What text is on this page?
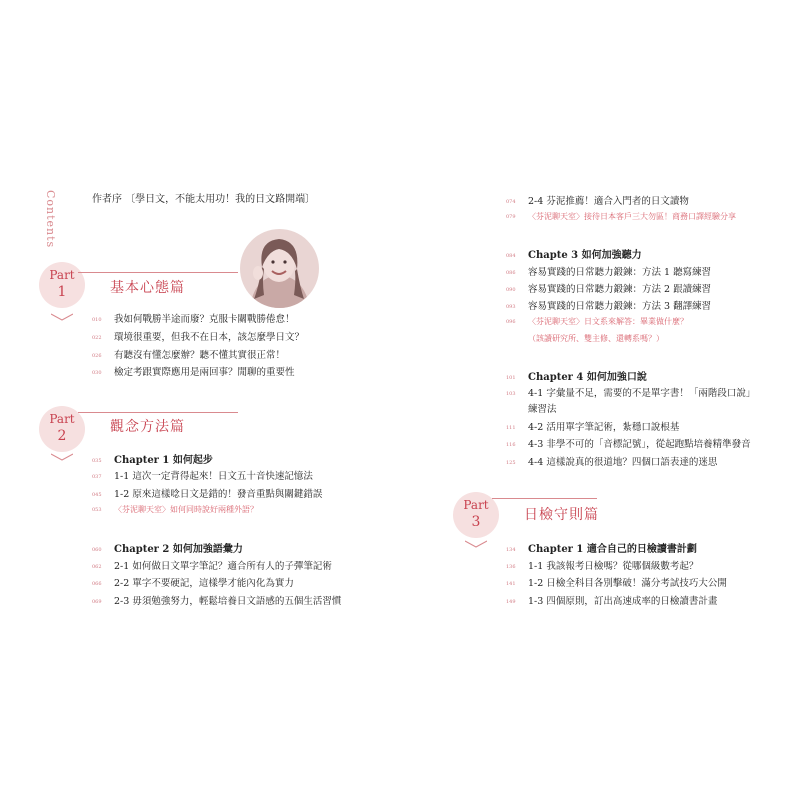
Contents	作者序 〔學日文，不能太用功！我的日文路開端〕
Part
1	基本心態篇
010 我如何戰勝半途而廢？克服卡關戰勝倦怠！
022 環境很重要，但我不在日本，該怎麼學日文？
026 有聽沒有懂怎麼辦？聽不懂其實很正常！
030 檢定考跟實際應用是兩回事？閒聊的重要性
Part
2
觀念方法篇
035 Chapter 1 如何起步
037 1-1 這次一定背得起來！日文五十音快速記憶法
045 1-2 原來這樣唸日文是錯的！發音重點與關鍵錯誤
053 〈芬泥聊天室〉如何同時說好兩種外語？
060 Chapter 2 如何加強語彙力
062 2-1 如何做日文單字筆記？適合所有人的子彈筆記術
066 2-2 單字不要硬記，這樣學才能內化為實力
069 2-3 毋須勉強努力，輕鬆培養日文語感的五個生活習慣
074 2-4 芬泥推薦！適合入門者的日文讀物
079 〈芬泥聊天室〉接待日本客戶三大勿區！商務口譯經驗分享
084 Chapte 3 如何加強聽力
086 容易實踐的日常聽力鍛鍊：方法 1 聽寫練習
090 容易實踐的日常聽力鍛鍊：方法 2 跟讀練習
093 容易實踐的日常聽力鍛鍊：方法 3 翻譯練習
096 〈芬泥聊天室〉日文系來解答：畢業做什麼？
（該讀研究所、雙主修、還轉系嗎？）
101 Chapter 4 如何加強口說
103 4-1 字彙量不足，需要的不是單字書！「兩階段口說」
練習法
111 4-2 活用單字筆記術，紮穩口說根基
116 4-3 非學不可的「音標記號」，從起跑點培養精準發音
125 4-4 這樣說真的很道地？四個口語表達的迷思
Part
3	日檢守則篇
134 Chapter 1 適合自己的日檢讀書計劃
136 1-1 我該報考日檢嗎？從哪個級數考起？
141 1-2 日檢全科目各別擊破！滿分考試技巧大公開
149 1-3 四個原則，訂出高速成率的日檢讀書計畫
